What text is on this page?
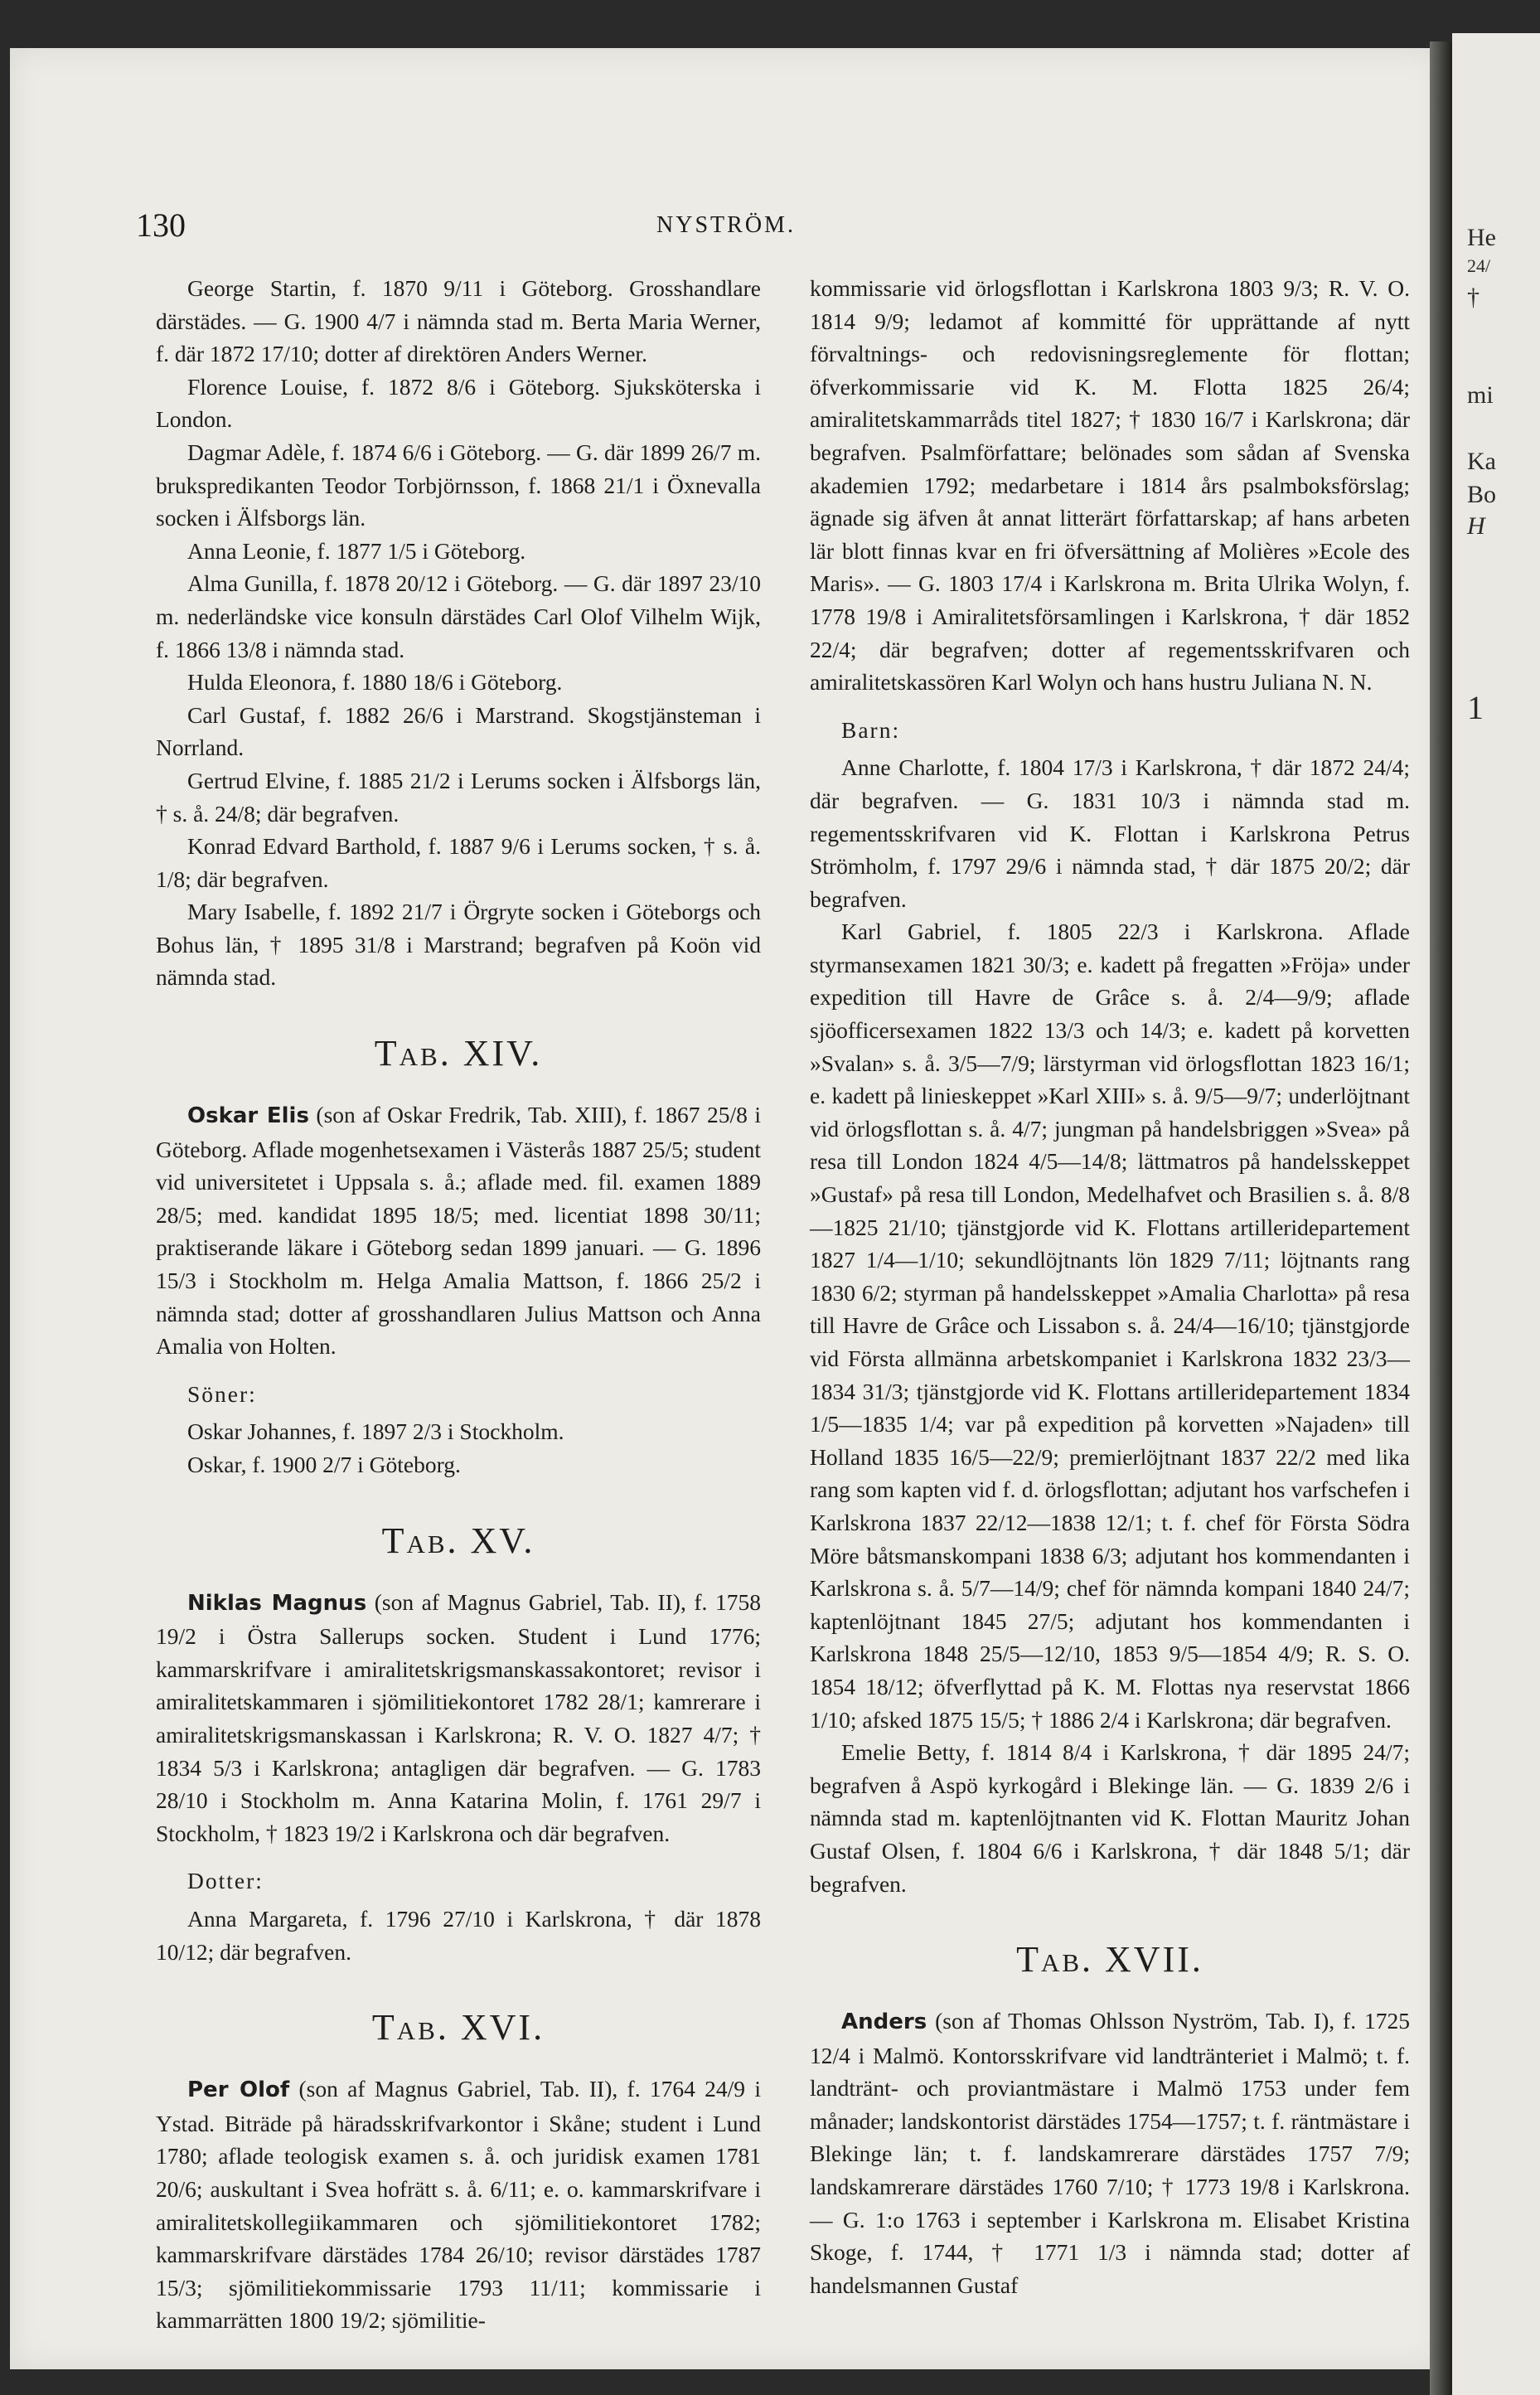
130	NYSTRÖM.

George Startin, f. 1870 9/11 i Göteborg. Grosshandlare därstädes. — G. 1900 4/7 i nämnda stad m. Berta Maria Werner, f. där 1872 17/10; dotter af direktören Anders Werner.

Florence Louise, f. 1872 8/6 i Göteborg. Sjuksköterska i London.

Dagmar Adèle, f. 1874 6/6 i Göteborg. — G. där 1899 26/7 m. brukspredikanten Teodor Torbjörnsson, f. 1868 21/1 i Öxnevalla socken i Älfsborgs län.

Anna Leonie, f. 1877 1/5 i Göteborg.

Alma Gunilla, f. 1878 20/12 i Göteborg. — G. där 1897 23/10 m. nederländske vice konsuln därstädes Carl Olof Vilhelm Wijk, f. 1866 13/8 i nämnda stad.

Hulda Eleonora, f. 1880 18/6 i Göteborg.

Carl Gustaf, f. 1882 26/6 i Marstrand. Skogstjänsteman i Norrland.

Gertrud Elvine, f. 1885 21/2 i Lerums socken i Älfsborgs län, † s. å. 24/8; där begrafven.

Konrad Edvard Barthold, f. 1887 9/6 i Lerums socken, † s. å. 1/8; där begrafven.

Mary Isabelle, f. 1892 21/7 i Örgryte socken i Göteborgs och Bohus län, † 1895 31/8 i Marstrand; begrafven på Koön vid nämnda stad.

Tab. XIV.

Oskar Elis (son af Oskar Fredrik, Tab. XIII), f. 1867 25/8 i Göteborg. Aflade mogenhetsexamen i Västerås 1887 25/5; student vid universitetet i Uppsala s. å.; aflade med. fil. examen 1889 28/5; med. kandidat 1895 18/5; med. licentiat 1898 30/11; praktiserande läkare i Göteborg sedan 1899 januari. — G. 1896 15/3 i Stockholm m. Helga Amalia Mattson, f. 1866 25/2 i nämnda stad; dotter af grosshandlaren Julius Mattson och Anna Amalia von Holten.

Söner:

Oskar Johannes, f. 1897 2/3 i Stockholm.

Oskar, f. 1900 2/7 i Göteborg.

Tab. XV.

Niklas Magnus (son af Magnus Gabriel, Tab. II), f. 1758 19/2 i Östra Sallerups socken. Student i Lund 1776; kammarskrifvare i amiralitetskrigsmanskassakontoret; revisor i amiralitetskammaren i sjömilitiekontoret 1782 28/1; kamrerare i amiralitetskrigsmanskassan i Karlskrona; R. V. O. 1827 4/7; † 1834 5/3 i Karlskrona; antagligen där begrafven. — G. 1783 28/10 i Stockholm m. Anna Katarina Molin, f. 1761 29/7 i Stockholm, † 1823 19/2 i Karlskrona och där begrafven.

Dotter:

Anna Margareta, f. 1796 27/10 i Karlskrona, † där 1878 10/12; där begrafven.

Tab. XVI.

Per Olof (son af Magnus Gabriel, Tab. II), f. 1764 24/9 i Ystad. Biträde på häradsskrifvarkontor i Skåne; student i Lund 1780; aflade teologisk examen s. å. och juridisk examen 1781 20/6; auskultant i Svea hofrätt s. å. 6/11; e. o. kammarskrifvare i amiralitetskollegiikammaren och sjömilitiekontoret 1782; kammarskrifvare därstädes 1784 26/10; revisor därstädes 1787 15/3; sjömilitiekommissarie 1793 11/11; kommissarie i kammarrätten 1800 19/2; sjömilitie-

kommissarie vid örlogsflottan i Karlskrona 1803 9/3; R. V. O. 1814 9/9; ledamot af kommitté för upprättande af nytt förvaltnings- och redovisningsreglemente för flottan; öfverkommissarie vid K. M. Flotta 1825 26/4; amiralitetskammarråds titel 1827; † 1830 16/7 i Karlskrona; där begrafven. Psalmförfattare; belönades som sådan af Svenska akademien 1792; medarbetare i 1814 års psalmboksförslag; ägnade sig äfven åt annat litterärt författarskap; af hans arbeten lär blott finnas kvar en fri öfversättning af Molières »Ecole des Maris». — G. 1803 17/4 i Karlskrona m. Brita Ulrika Wolyn, f. 1778 19/8 i Amiralitetsförsamlingen i Karlskrona, † där 1852 22/4; där begrafven; dotter af regementsskrifvaren och amiralitetskassören Karl Wolyn och hans hustru Juliana N. N.

Barn:

Anne Charlotte, f. 1804 17/3 i Karlskrona, † där 1872 24/4; där begrafven. — G. 1831 10/3 i nämnda stad m. regementsskrifvaren vid K. Flottan i Karlskrona Petrus Strömholm, f. 1797 29/6 i nämnda stad, † där 1875 20/2; där begrafven.

Karl Gabriel, f. 1805 22/3 i Karlskrona. Aflade styrmansexamen 1821 30/3; e. kadett på fregatten »Fröja» under expedition till Havre de Grâce s. å. 2/4—9/9; aflade sjöofficersexamen 1822 13/3 och 14/3; e. kadett på korvetten »Svalan» s. å. 3/5—7/9; lärstyrman vid örlogsflottan 1823 16/1; e. kadett på linieskeppet »Karl XIII» s. å. 9/5—9/7; underlöjtnant vid örlogsflottan s. å. 4/7; jungman på handelsbriggen »Svea» på resa till London 1824 4/5—14/8; lättmatros på handelsskeppet »Gustaf» på resa till London, Medelhafvet och Brasilien s. å. 8/8—1825 21/10; tjänstgjorde vid K. Flottans artilleridepartement 1827 1/4—1/10; sekundlöjtnants lön 1829 7/11; löjtnants rang 1830 6/2; styrman på handelsskeppet »Amalia Charlotta» på resa till Havre de Grâce och Lissabon s. å. 24/4—16/10; tjänstgjorde vid Första allmänna arbetskompaniet i Karlskrona 1832 23/3—1834 31/3; tjänstgjorde vid K. Flottans artilleridepartement 1834 1/5—1835 1/4; var på expedition på korvetten »Najaden» till Holland 1835 16/5—22/9; premierlöjtnant 1837 22/2 med lika rang som kapten vid f. d. örlogsflottan; adjutant hos varfschefen i Karlskrona 1837 22/12—1838 12/1; t. f. chef för Första Södra Möre båtsmanskompani 1838 6/3; adjutant hos kommendanten i Karlskrona s. å. 5/7—14/9; chef för nämnda kompani 1840 24/7; kaptenlöjtnant 1845 27/5; adjutant hos kommendanten i Karlskrona 1848 25/5—12/10, 1853 9/5—1854 4/9; R. S. O. 1854 18/12; öfverflyttad på K. M. Flottas nya reservstat 1866 1/10; afsked 1875 15/5; † 1886 2/4 i Karlskrona; där begrafven.

Emelie Betty, f. 1814 8/4 i Karlskrona, † där 1895 24/7; begrafven å Aspö kyrkogård i Blekinge län. — G. 1839 2/6 i nämnda stad m. kaptenlöjtnanten vid K. Flottan Mauritz Johan Gustaf Olsen, f. 1804 6/6 i Karlskrona, † där 1848 5/1; där begrafven.

Tab. XVII.

Anders (son af Thomas Ohlsson Nyström, Tab. I), f. 1725 12/4 i Malmö. Kontorsskrifvare vid landtränteriet i Malmö; t. f. landtränt- och proviantmästare i Malmö 1753 under fem månader; landskontorist därstädes 1754—1757; t. f. räntmästare i Blekinge län; t. f. landskamrerare därstädes 1757 7/9; landskamrerare därstädes 1760 7/10; † 1773 19/8 i Karlskrona. — G. 1:o 1763 i september i Karlskrona m. Elisabet Kristina Skoge, f. 1744, † 1771 1/3 i nämnda stad; dotter af handelsmannen Gustaf

He
24/
†
mi
Ka
Bo
H
1
